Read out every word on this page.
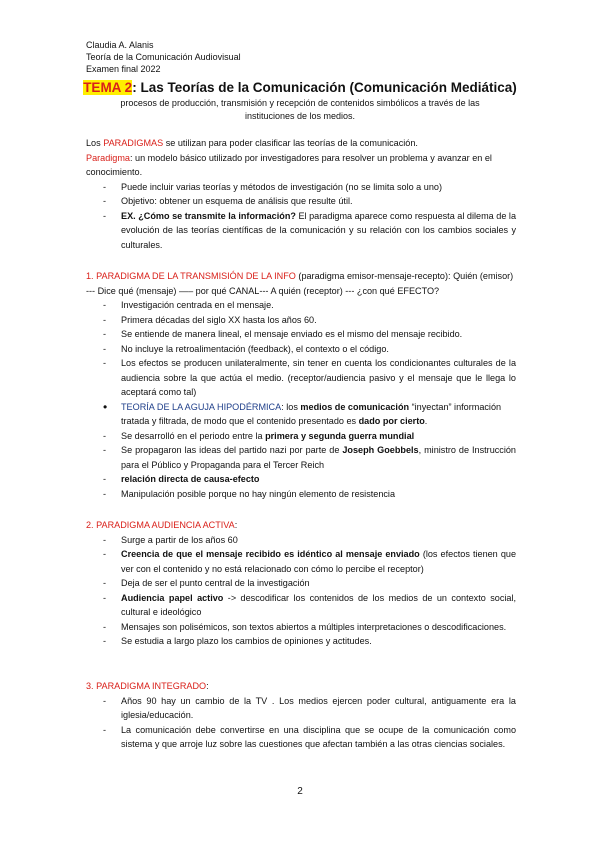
Claudia A. Alanis
Teoría de la Comunicación Audiovisual
Examen final 2022
TEMA 2: Las Teorías de la Comunicación (Comunicación Mediática)
procesos de producción, transmisión y recepción de contenidos simbólicos a través de las instituciones de los medios.
Los PARADIGMAS se utilizan para poder clasificar las teorías de la comunicación.
Paradigma: un modelo básico utilizado por investigadores para resolver un problema y avanzar en el conocimiento.
- Puede incluir varias teorías y métodos de investigación (no se limita solo a uno)
- Objetivo: obtener un esquema de análisis que resulte útil.
- EX. ¿Cómo se transmite la información? El paradigma aparece como respuesta al dilema de la evolución de las teorías científicas de la comunicación y su relación con los cambios sociales y culturales.
1. PARADIGMA DE LA TRANSMISIÓN DE LA INFO (paradigma emisor-mensaje-recepto): Quién (emisor) --- Dice qué (mensaje) —– por qué CANAL--- A quién (receptor) --- ¿con qué EFECTO?
- Investigación centrada en el mensaje.
- Primera décadas del siglo XX hasta los años 60.
- Se entiende de manera lineal, el mensaje enviado es el mismo del mensaje recibido.
- No incluye la retroalimentación (feedback), el contexto o el código.
- Los efectos se producen unilateralmente, sin tener en cuenta los condicionantes culturales de la audiencia sobre la que actúa el medio. (receptor/audiencia pasivo y el mensaje que le llega lo aceptará como tal)
• TEORÍA DE LA AGUJA HIPODÉRMICA: los medios de comunicación “inyectan” información tratada y filtrada, de modo que el contenido presentado es dado por cierto.
- Se desarrolló en el periodo entre la primera y segunda guerra mundial
- Se propagaron las ideas del partido nazi por parte de Joseph Goebbels, ministro de Instrucción para el Público y Propaganda para el Tercer Reich
- relación directa de causa-efecto
- Manipulación posible porque no hay ningún elemento de resistencia
2. PARADIGMA AUDIENCIA ACTIVA:
- Surge a partir de los años 60
- Creencia de que el mensaje recibido es idéntico al mensaje enviado (los efectos tienen que ver con el contenido y no está relacionado con cómo lo percibe el receptor)
- Deja de ser el punto central de la investigación
- Audiencia papel activo -> descodificar los contenidos de los medios de un contexto social, cultural e ideológico
- Mensajes son polisémicos, son textos abiertos a múltiples interpretaciones o descodificaciones.
- Se estudia a largo plazo los cambios de opiniones y actitudes.
3. PARADIGMA INTEGRADO:
- Años 90 hay un cambio de la TV . Los medios ejercen poder cultural, antiguamente era la iglesia/educación.
- La comunicación debe convertirse en una disciplina que se ocupe de la comunicación como sistema y que arroje luz sobre las cuestiones que afectan también a las otras ciencias sociales.
2
